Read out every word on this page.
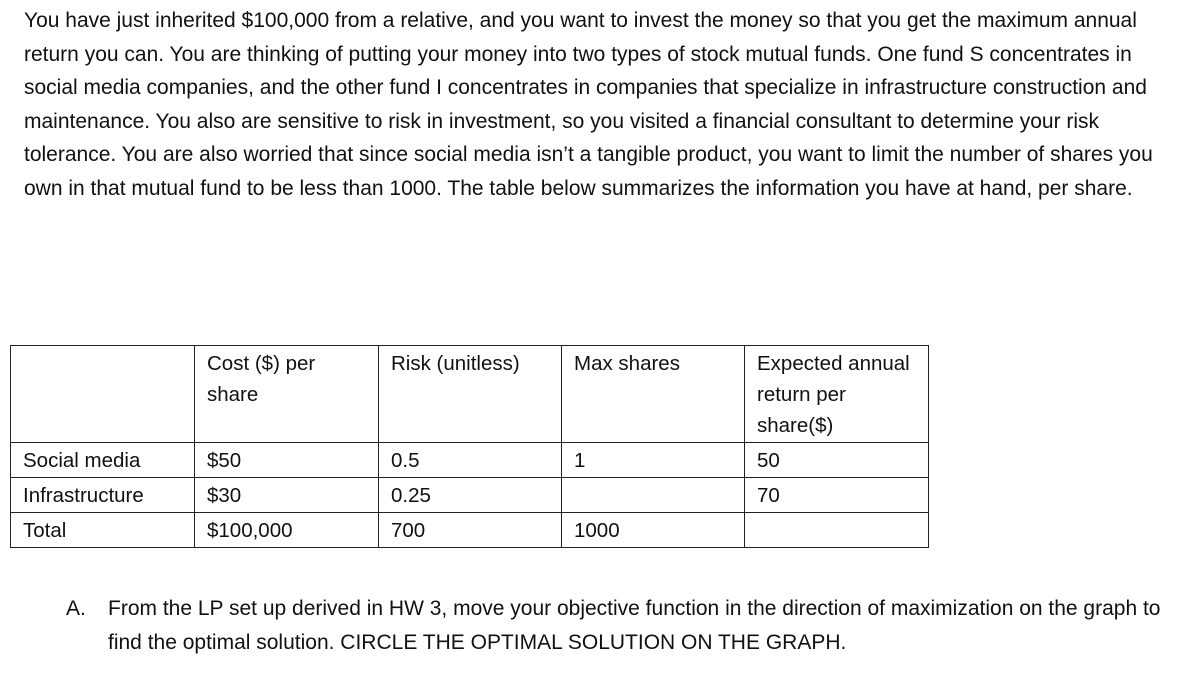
You have just inherited $100,000 from a relative, and you want to invest the money so that you get the maximum annual return you can. You are thinking of putting your money into two types of stock mutual funds. One fund S concentrates in social media companies, and the other fund I concentrates in companies that specialize in infrastructure construction and maintenance. You also are sensitive to risk in investment, so you visited a financial consultant to determine your risk tolerance. You are also worried that since social media isn’t a tangible product, you want to limit the number of shares you own in that mutual fund to be less than 1000. The table below summarizes the information you have at hand, per share.

	Cost ($) per share	Risk (unitless)	Max shares	Expected annual return per share($)
Social media	$50	0.5	1	50
Infrastructure	$30	0.25		70
Total	$100,000	700	1000	
A. From the LP set up derived in HW 3, move your objective function in the direction of maximization on the graph to find the optimal solution. CIRCLE THE OPTIMAL SOLUTION ON THE GRAPH.
